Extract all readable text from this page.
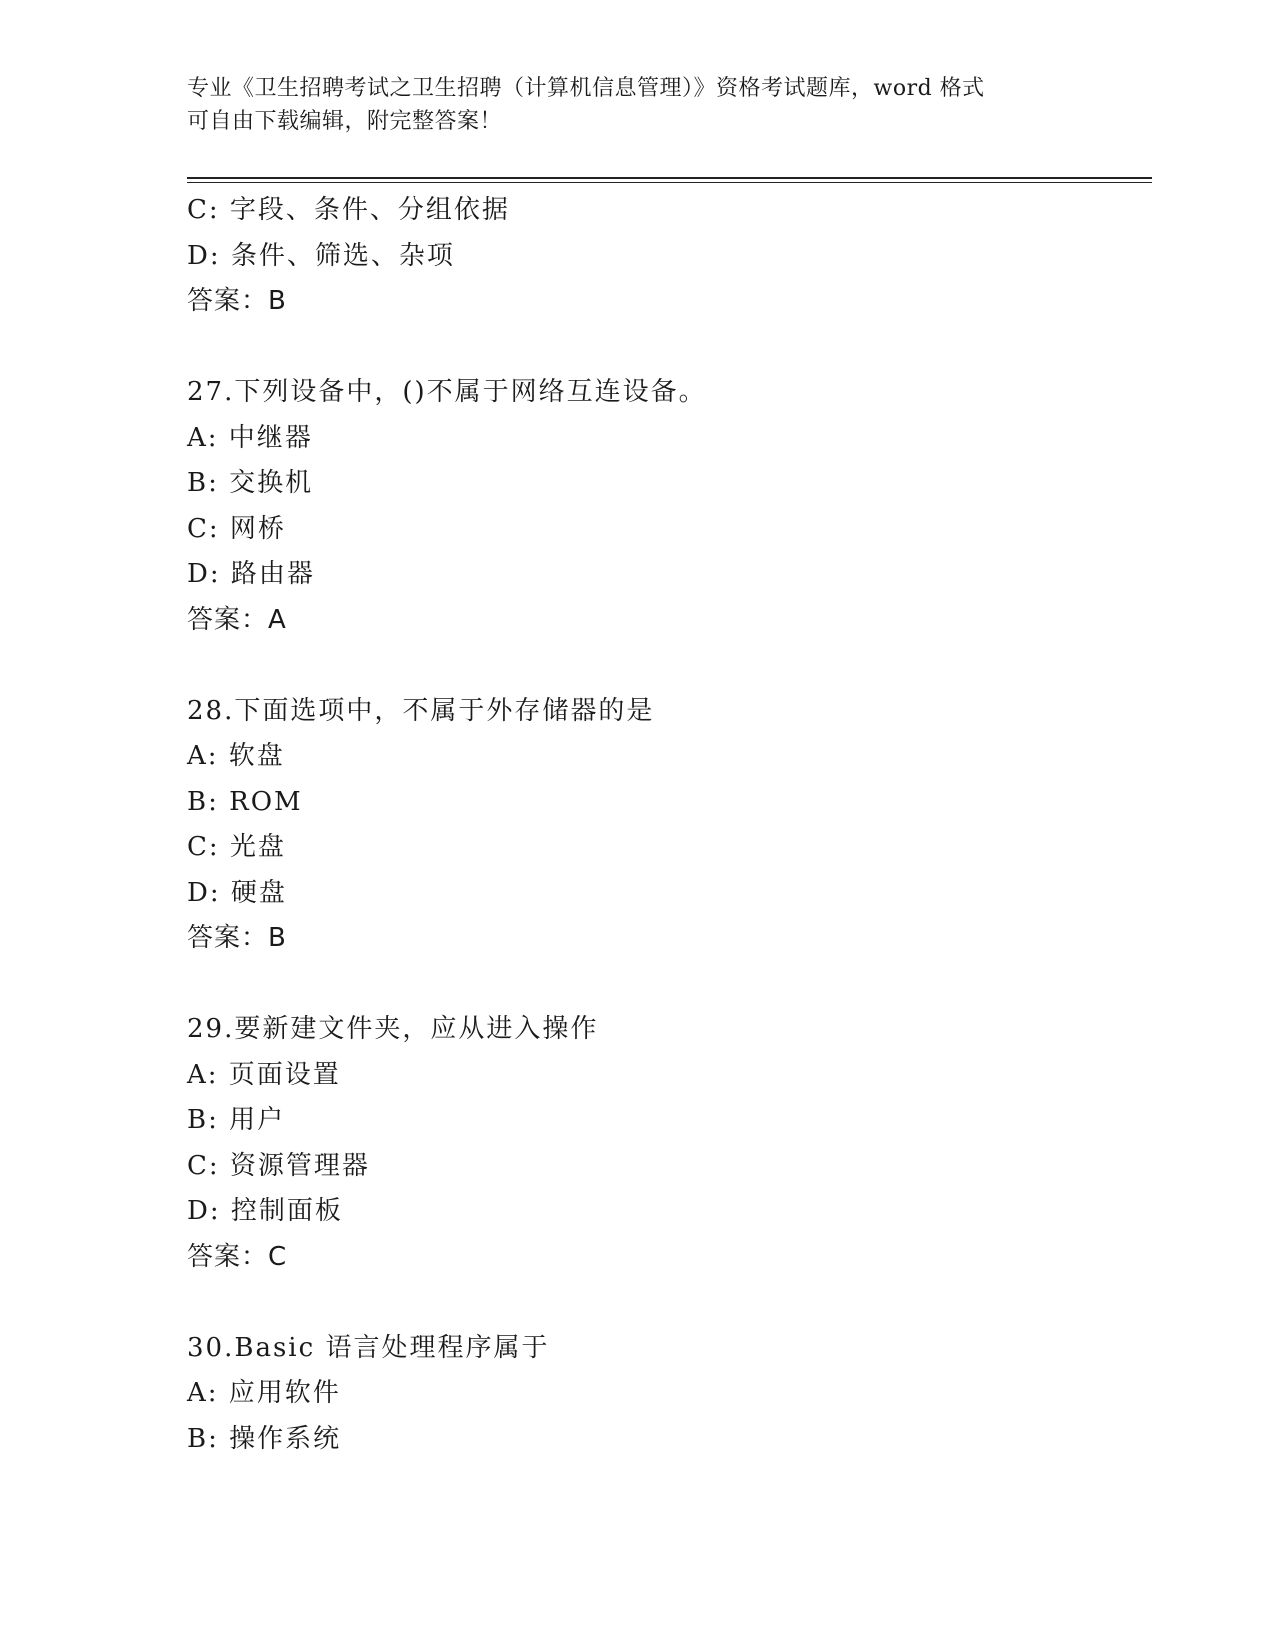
专业《卫生招聘考试之卫生招聘（计算机信息管理）》资格考试题库，word 格式
可自由下载编辑，附完整答案！
C: 字段、条件、分组依据
D: 条件、筛选、杂项
答案：B
27.下列设备中，()不属于网络互连设备。
A: 中继器
B: 交换机
C: 网桥
D: 路由器
答案：A
28.下面选项中，不属于外存储器的是
A: 软盘
B: ROM
C: 光盘
D: 硬盘
答案：B
29.要新建文件夹，应从进入操作
A: 页面设置
B: 用户
C: 资源管理器
D: 控制面板
答案：C
30.Basic 语言处理程序属于
A: 应用软件
B: 操作系统
